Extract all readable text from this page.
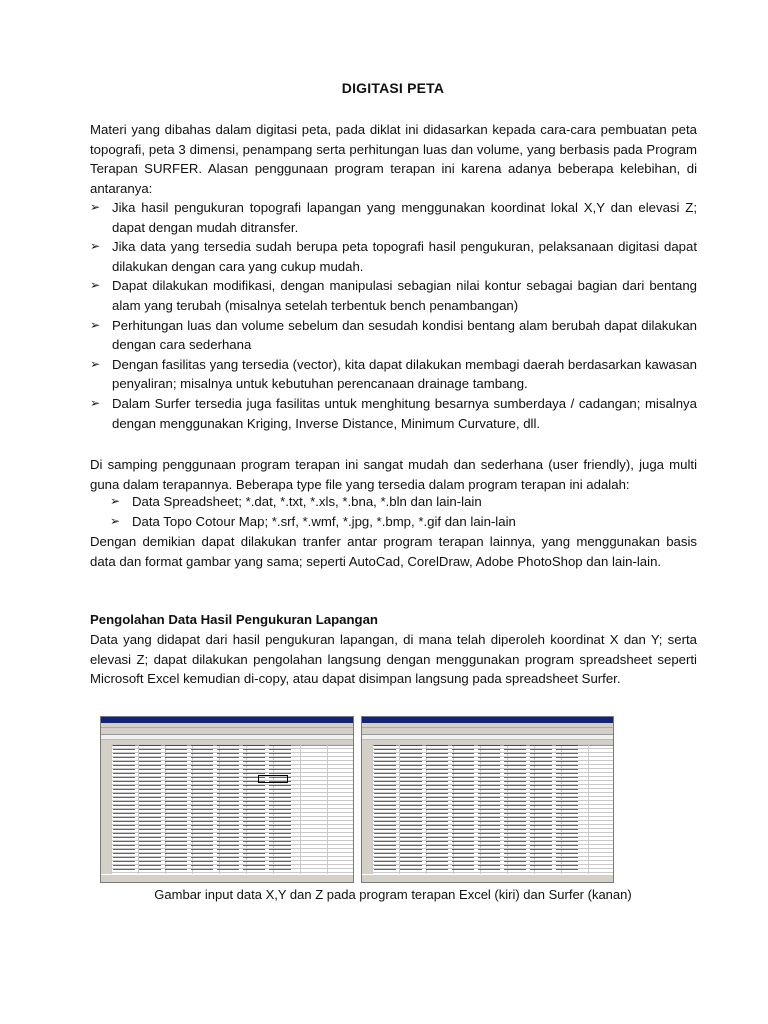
DIGITASI PETA
Materi yang dibahas dalam digitasi peta, pada diklat ini didasarkan kepada cara-cara pembuatan peta topografi, peta 3 dimensi, penampang serta perhitungan luas dan volume, yang berbasis pada Program Terapan SURFER. Alasan penggunaan program terapan ini karena adanya beberapa kelebihan, di antaranya:
➢ Jika hasil pengukuran topografi lapangan yang menggunakan koordinat lokal X,Y dan elevasi Z; dapat dengan mudah ditransfer.
➢ Jika data yang tersedia sudah berupa peta topografi hasil pengukuran, pelaksanaan digitasi dapat dilakukan dengan cara yang cukup mudah.
➢ Dapat dilakukan modifikasi, dengan manipulasi sebagian nilai kontur sebagai bagian dari bentang alam yang terubah (misalnya setelah terbentuk bench penambangan)
➢ Perhitungan luas dan volume sebelum dan sesudah kondisi bentang alam berubah dapat dilakukan dengan cara sederhana
➢ Dengan fasilitas yang tersedia (vector), kita dapat dilakukan membagi daerah berdasarkan kawasan penyaliran; misalnya untuk kebutuhan perencanaan drainage tambang.
➢ Dalam Surfer tersedia juga fasilitas untuk menghitung besarnya sumberdaya / cadangan; misalnya dengan menggunakan Kriging, Inverse Distance, Minimum Curvature, dll.
Di samping penggunaan program terapan ini sangat mudah dan sederhana (user friendly), juga multi guna dalam terapannya. Beberapa type file yang tersedia dalam program terapan ini adalah:
➢ Data Spreadsheet; *.dat, *.txt, *.xls, *.bna, *.bln dan lain-lain
➢ Data Topo Cotour Map; *.srf, *.wmf, *.jpg, *.bmp, *.gif dan lain-lain
Dengan demikian dapat dilakukan tranfer antar program terapan lainnya, yang menggunakan basis data dan format gambar yang sama; seperti AutoCad, CorelDraw, Adobe PhotoShop dan lain-lain.
Pengolahan Data Hasil Pengukuran Lapangan
Data yang didapat dari hasil pengukuran lapangan, di mana telah diperoleh koordinat X dan Y; serta elevasi Z; dapat dilakukan pengolahan langsung dengan menggunakan program spreadsheet seperti Microsoft Excel kemudian di-copy, atau dapat disimpan langsung pada spreadsheet Surfer.
Gambar input data X,Y dan Z pada program terapan Excel (kiri) dan Surfer (kanan)
